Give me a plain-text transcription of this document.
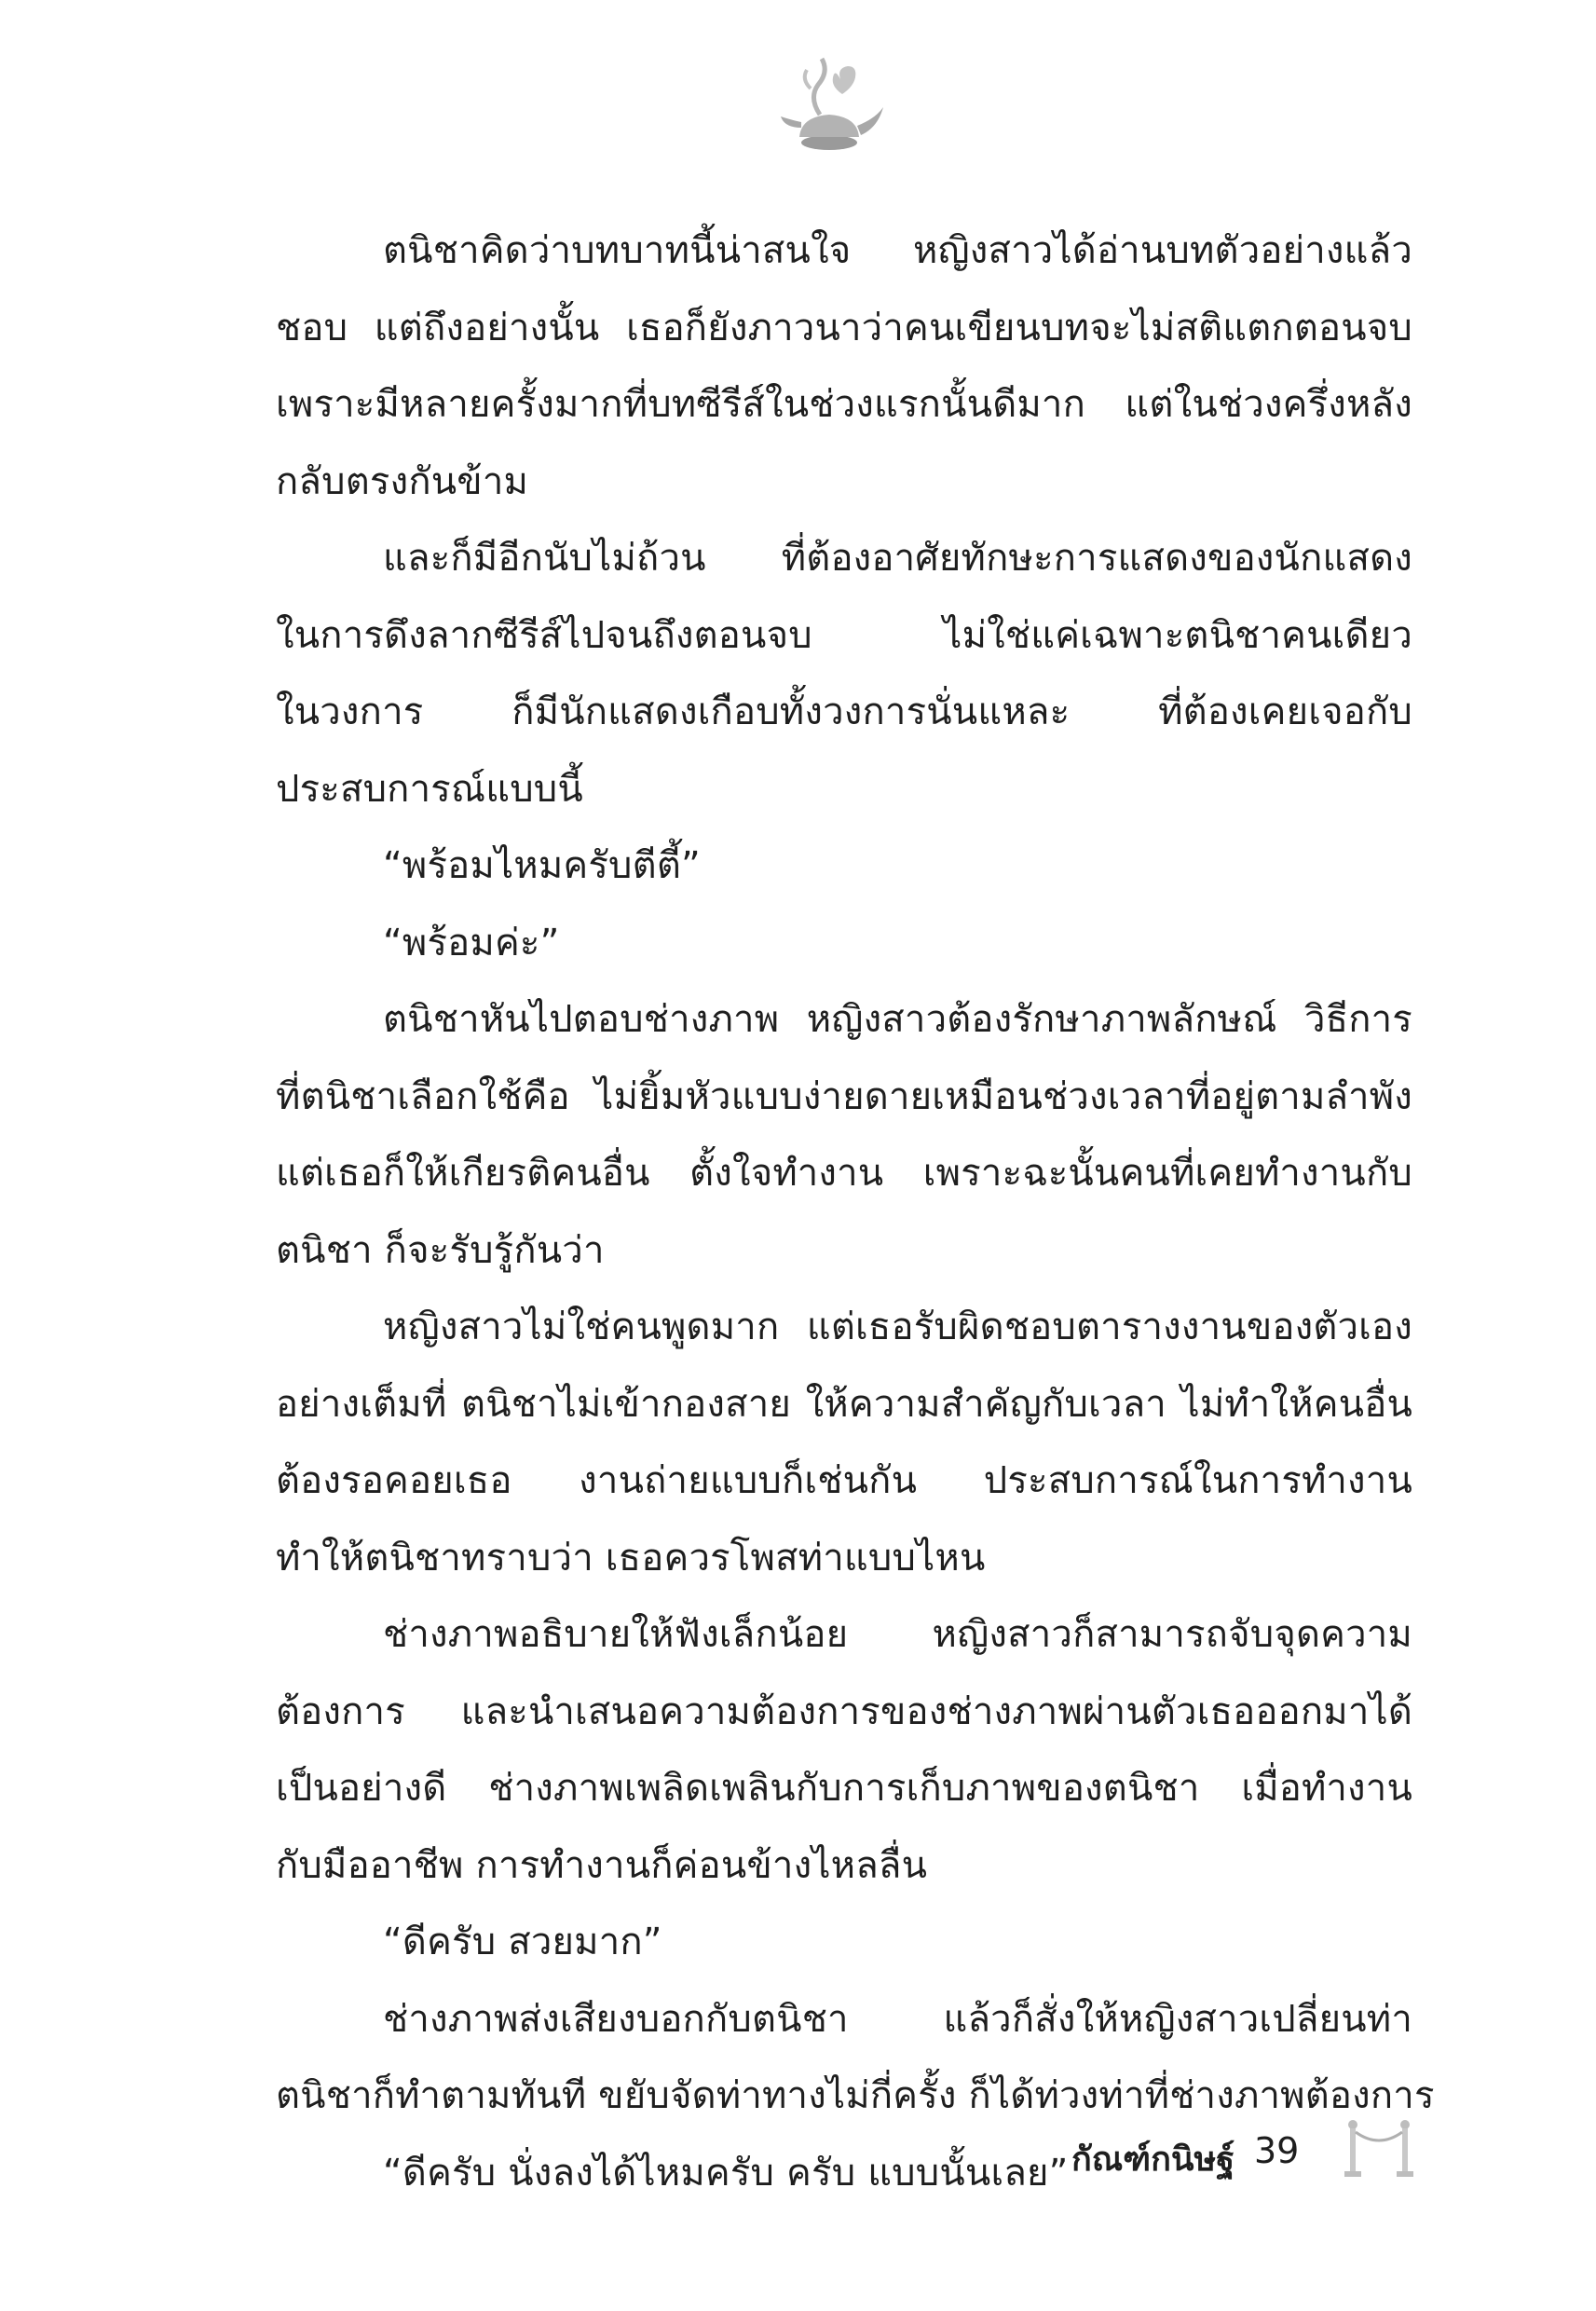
ตนิชาคิดว่าบทบาทนี้น่าสนใจ หญิงสาวได้อ่านบทตัวอย่างแล้ว
ชอบ แต่ถึงอย่างนั้น เธอก็ยังภาวนาว่าคนเขียนบทจะไม่สติแตกตอนจบ
เพราะมีหลายครั้งมากที่บทซีรีส์ในช่วงแรกนั้นดีมาก แต่ในช่วงครึ่งหลัง
กลับตรงกันข้าม
และก็มีอีกนับไม่ถ้วน ที่ต้องอาศัยทักษะการแสดงของนักแสดง
ในการดึงลากซีรีส์ไปจนถึงตอนจบ ไม่ใช่แค่เฉพาะตนิชาคนเดียว
ในวงการ ก็มีนักแสดงเกือบทั้งวงการนั่นแหละ ที่ต้องเคยเจอกับ
ประสบการณ์แบบนี้
“พร้อมไหมครับตีตี้”
“พร้อมค่ะ”
ตนิชาหันไปตอบช่างภาพ หญิงสาวต้องรักษาภาพลักษณ์ วิธีการ
ที่ตนิชาเลือกใช้คือ ไม่ยิ้มหัวแบบง่ายดายเหมือนช่วงเวลาที่อยู่ตามลำพัง
แต่เธอก็ให้เกียรติคนอื่น ตั้งใจทำงาน เพราะฉะนั้นคนที่เคยทำงานกับ
ตนิชา ก็จะรับรู้กันว่า
หญิงสาวไม่ใช่คนพูดมาก แต่เธอรับผิดชอบตารางงานของตัวเอง
อย่างเต็มที่ ตนิชาไม่เข้ากองสาย ให้ความสำคัญกับเวลา ไม่ทำให้คนอื่น
ต้องรอคอยเธอ งานถ่ายแบบก็เช่นกัน ประสบการณ์ในการทำงาน
ทำให้ตนิชาทราบว่า เธอควรโพสท่าแบบไหน
ช่างภาพอธิบายให้ฟังเล็กน้อย หญิงสาวก็สามารถจับจุดความ
ต้องการ และนำเสนอความต้องการของช่างภาพผ่านตัวเธอออกมาได้
เป็นอย่างดี ช่างภาพเพลิดเพลินกับการเก็บภาพของตนิชา เมื่อทำงาน
กับมืออาชีพ การทำงานก็ค่อนข้างไหลลื่น
“ดีครับ สวยมาก”
ช่างภาพส่งเสียงบอกกับตนิชา แล้วก็สั่งให้หญิงสาวเปลี่ยนท่า
ตนิชาก็ทำตามทันที ขยับจัดท่าทางไม่กี่ครั้ง ก็ได้ท่วงท่าที่ช่างภาพต้องการ
“ดีครับ นั่งลงได้ไหมครับ ครับ แบบนั้นเลย” กัณฑ์กนิษฐ์ 39
